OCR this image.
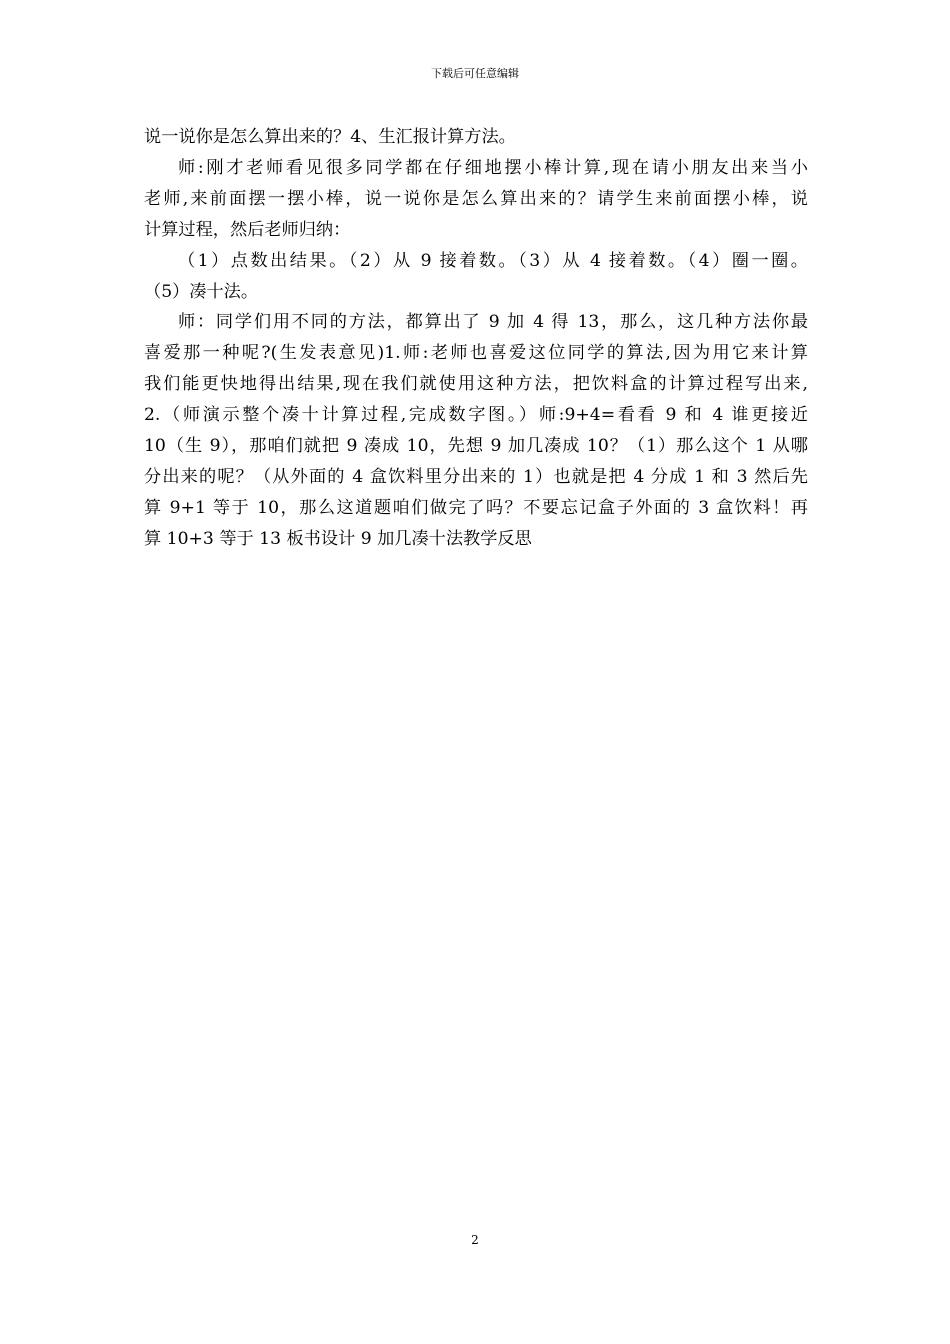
下载后可任意编辑
说一说你是怎么算出来的？4、生汇报计算方法。
师:刚才老师看见很多同学都在仔细地摆小棒计算,现在请小朋友出来当小
老师,来前面摆一摆小棒，说一说你是怎么算出来的？请学生来前面摆小棒，说
计算过程，然后老师归纳：
（1）点数出结果。（2）从 9 接着数。（3）从 4 接着数。（4）圈一圈。
（5）凑十法。
师：同学们用不同的方法，都算出了 9 加 4 得 13，那么，这几种方法你最
喜爱那一种呢?(生发表意见)1.师:老师也喜爱这位同学的算法,因为用它来计算
我们能更快地得出结果,现在我们就使用这种方法，把饮料盒的计算过程写出来,
2.（师演示整个凑十计算过程,完成数字图。）师:9+4=看看 9 和 4 谁更接近
10（生 9），那咱们就把 9 凑成 10，先想 9 加几凑成 10？（1）那么这个 1 从哪
分出来的呢？（从外面的 4 盒饮料里分出来的 1）也就是把 4 分成 1 和 3 然后先
算 9+1 等于 10，那么这道题咱们做完了吗？不要忘记盒子外面的 3 盒饮料！再
算 10+3 等于 13 板书设计 9 加几凑十法教学反思
2
